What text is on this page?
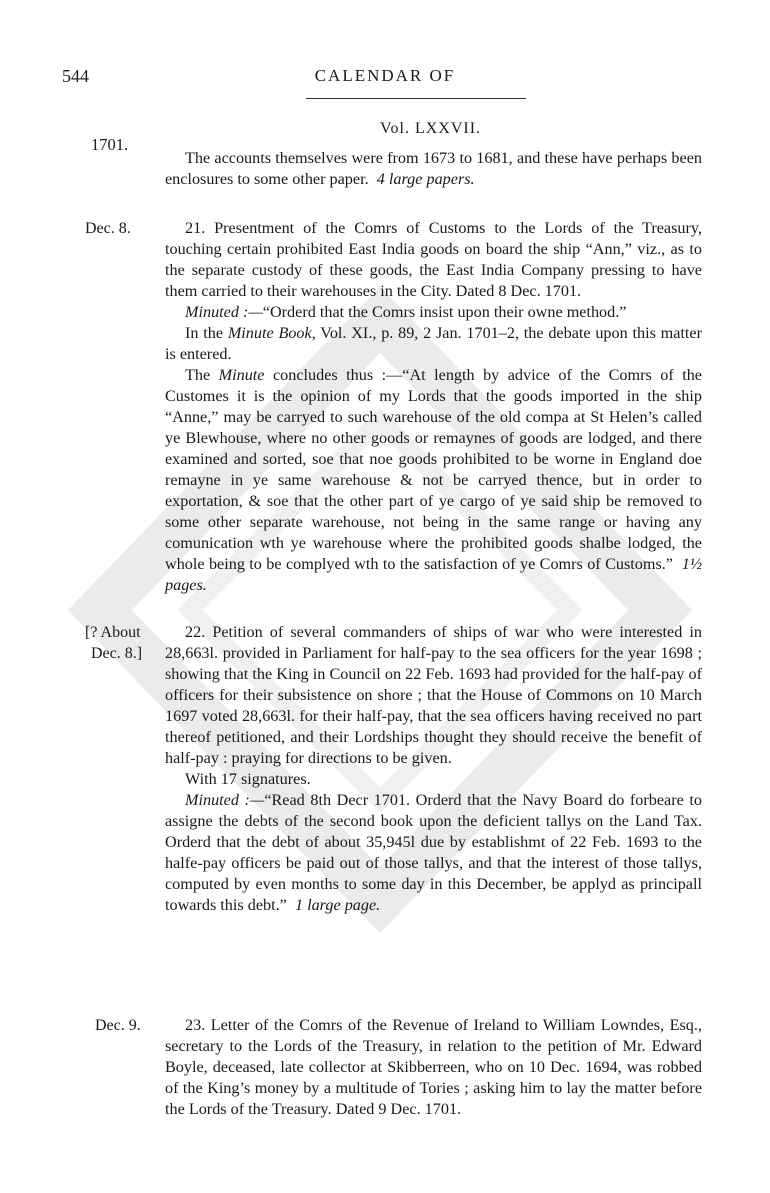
544	CALENDAR OF
Vol. LXXVII.
1701.

The accounts themselves were from 1673 to 1681, and these have perhaps been enclosures to some other paper. 4 large papers.

Dec. 8.	21. Presentment of the Comrs of Customs to the Lords of the Treasury, touching certain prohibited East India goods on board the ship “Ann,” viz., as to the separate custody of these goods, the East India Company pressing to have them carried to their warehouses in the City. Dated 8 Dec. 1701.

Minuted :—“Orderd that the Comrs insist upon their owne method.”

In the Minute Book, Vol. XI., p. 89, 2 Jan. 1701–2, the debate upon this matter is entered.

The Minute concludes thus :—“At length by advice of the Comrs of the Customes it is the opinion of my Lords that the goods imported in the ship “Anne,” may be carryed to such warehouse of the old compa at St Helen’s called ye Blewhouse, where no other goods or remaynes of goods are lodged, and there examined and sorted, soe that noe goods prohibited to be worne in England doe remayne in ye same warehouse & not be carryed thence, but in order to exportation, & soe that the other part of ye cargo of ye said ship be removed to some other separate warehouse, not being in the same range or having any comunication wth ye warehouse where the prohibited goods shalbe lodged, the whole being to be complyed wth to the satisfaction of ye Comrs of Customs.” 1½ pages.

[? About
Dec. 8.]

22. Petition of several commanders of ships of war who were interested in 28,663l. provided in Parliament for half-pay to the sea officers for the year 1698 ; showing that the King in Council on 22 Feb. 1693 had provided for the half-pay of officers for their subsistence on shore ; that the House of Commons on 10 March 1697 voted 28,663l. for their half-pay, that the sea officers having received no part thereof petitioned, and their Lordships thought they should receive the benefit of half-pay : praying for directions to be given.

With 17 signatures.

Minuted :—“Read 8th Decr 1701. Orderd that the Navy Board do forbeare to assigne the debts of the second book upon the deficient tallys on the Land Tax. Orderd that the debt of about 35,945l due by establishmt of 22 Feb. 1693 to the halfe-pay officers be paid out of those tallys, and that the interest of those tallys, computed by even months to some day in this December, be applyd as principall towards this debt.” 1 large page.

Dec. 9.	23. Letter of the Comrs of the Revenue of Ireland to William Lowndes, Esq., secretary to the Lords of the Treasury, in relation to the petition of Mr. Edward Boyle, deceased, late collector at Skibberreen, who on 10 Dec. 1694, was robbed of the King’s money by a multitude of Tories ; asking him to lay the matter before the Lords of the Treasury. Dated 9 Dec. 1701.
